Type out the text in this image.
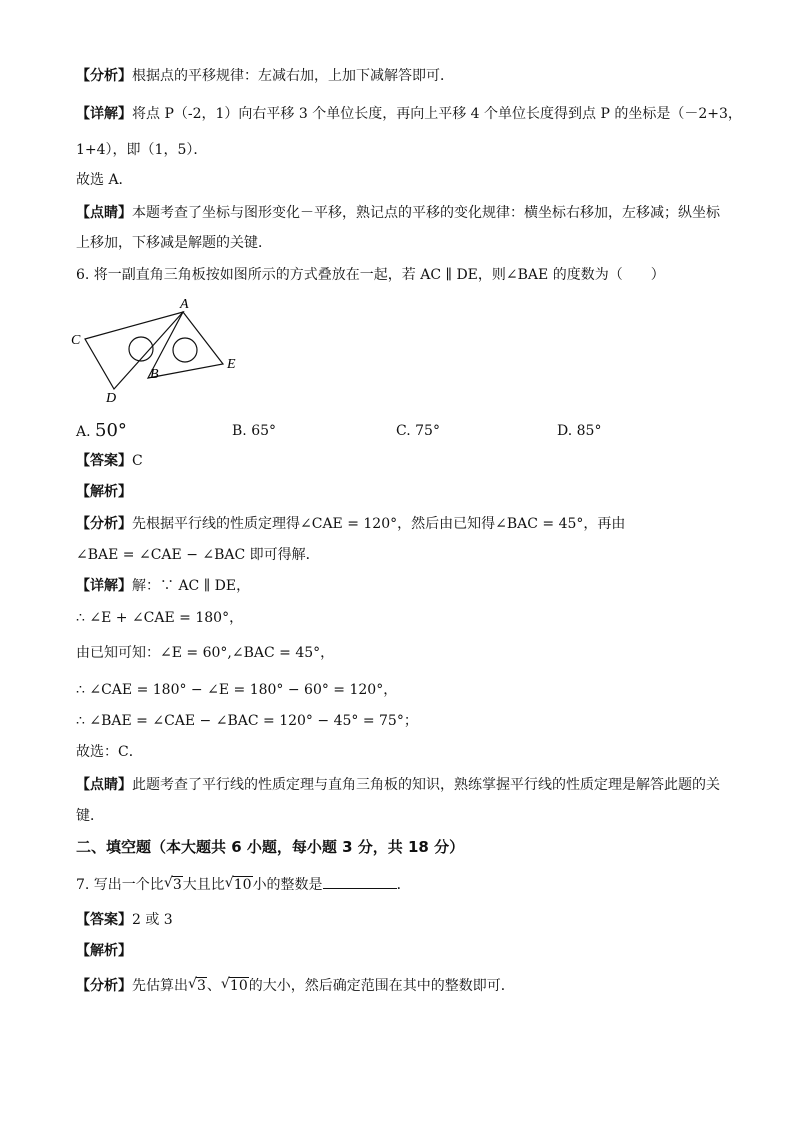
【分析】根据点的平移规律：左减右加，上加下减解答即可．
【详解】将点 P（-2，1）向右平移 3 个单位长度，再向上平移 4 个单位长度得到点 P 的坐标是（－2+3，
1+4），即（1，5）．
故选 A．
【点睛】本题考查了坐标与图形变化－平移，熟记点的平移的变化规律：横坐标右移加，左移减；纵坐标
上移加，下移减是解题的关键．
6. 将一副直角三角板按如图所示的方式叠放在一起，若 AC ∥ DE，则∠BAE 的度数为（　　）
A
B
C
D
E
A. 50°	B. 65°	C. 75°	D. 85°
【答案】C
【解析】
【分析】先根据平行线的性质定理得∠CAE = 120°，然后由已知得∠BAC = 45°，再由
∠BAE = ∠CAE − ∠BAC 即可得解．
【详解】解：∵ AC ∥ DE，
∴ ∠E + ∠CAE = 180°，
由已知可知：∠E = 60°,∠BAC = 45°，
∴ ∠CAE = 180° − ∠E = 180° − 60° = 120°，
∴ ∠BAE = ∠CAE − ∠BAC = 120° − 45° = 75°；
故选：C．
【点睛】此题考查了平行线的性质定理与直角三角板的知识，熟练掌握平行线的性质定理是解答此题的关
键．
二、填空题（本大题共 6 小题，每小题 3 分，共 18 分）
7. 写出一个比 √ 3大且比 √ 10小的整数是	．
【答案】2 或 3
【解析】
【分析】先估算出 √ 3、 √ 10的大小，然后确定范围在其中的整数即可．
